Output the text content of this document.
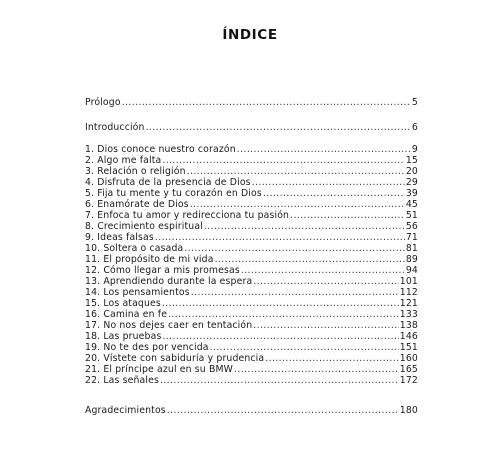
ÍNDICE
Prólogo .....	5
Introducción .....	6
1. Dios conoce nuestro corazón .....	9
2. Algo me falta .....	15
3. Relación o religión .....	20
4. Disfruta de la presencia de Dios .....	29
5. Fija tu mente y tu corazón en Dios .....	39
6. Enamórate de Dios .....	45
7. Enfoca tu amor y redirecciona tu pasión .....	51
8. Crecimiento espiritual .....	56
9. Ideas falsas .....	71
10. Soltera o casada .....	81
11. El propósito de mi vida .....	89
12. Cómo llegar a mis promesas .....	94
13. Aprendiendo durante la espera .....	101
14. Los pensamientos .....	112
15. Los ataques .....	121
16. Camina en fe .....	133
17. No nos dejes caer en tentación .....	138
18. Las pruebas .....	146
19. No te des por vencida .....	151
20. Vístete con sabiduría y prudencia .....	160
21. El príncipe azul en su BMW .....	165
22. Las señales .....	172
Agradecimientos .....	180
